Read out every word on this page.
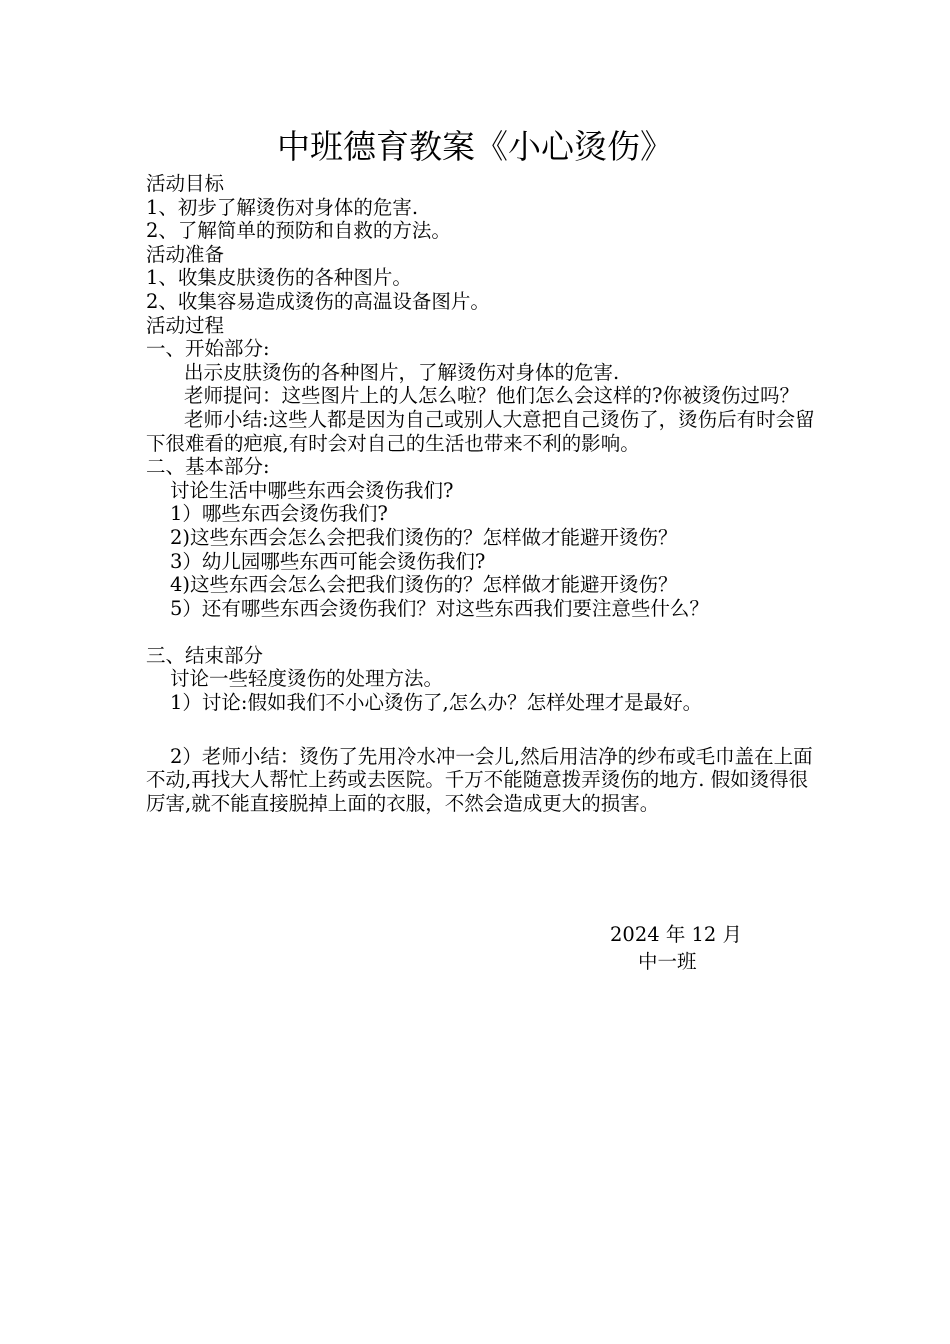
中班德育教案《小心烫伤》
活动目标
1、初步了解烫伤对身体的危害.
2、了解简单的预防和自救的方法。
活动准备
1、收集皮肤烫伤的各种图片。
2、收集容易造成烫伤的高温设备图片。
活动过程
一、开始部分:
出示皮肤烫伤的各种图片，了解烫伤对身体的危害.
老师提问：这些图片上的人怎么啦？他们怎么会这样的?你被烫伤过吗？
老师小结:这些人都是因为自己或别人大意把自己烫伤了，烫伤后有时会留下很难看的疤痕,有时会对自己的生活也带来不利的影响。
二、基本部分:
讨论生活中哪些东西会烫伤我们?
1）哪些东西会烫伤我们?
2)这些东西会怎么会把我们烫伤的？怎样做才能避开烫伤？
3）幼儿园哪些东西可能会烫伤我们?
4)这些东西会怎么会把我们烫伤的？怎样做才能避开烫伤？
5）还有哪些东西会烫伤我们？对这些东西我们要注意些什么？
三、结束部分
讨论一些轻度烫伤的处理方法。
1）讨论:假如我们不小心烫伤了,怎么办？怎样处理才是最好。
2）老师小结：烫伤了先用冷水冲一会儿,然后用洁净的纱布或毛巾盖在上面不动,再找大人帮忙上药或去医院。千万不能随意拨弄烫伤的地方. 假如烫得很厉害,就不能直接脱掉上面的衣服，不然会造成更大的损害。
2024 年 12 月
中一班
